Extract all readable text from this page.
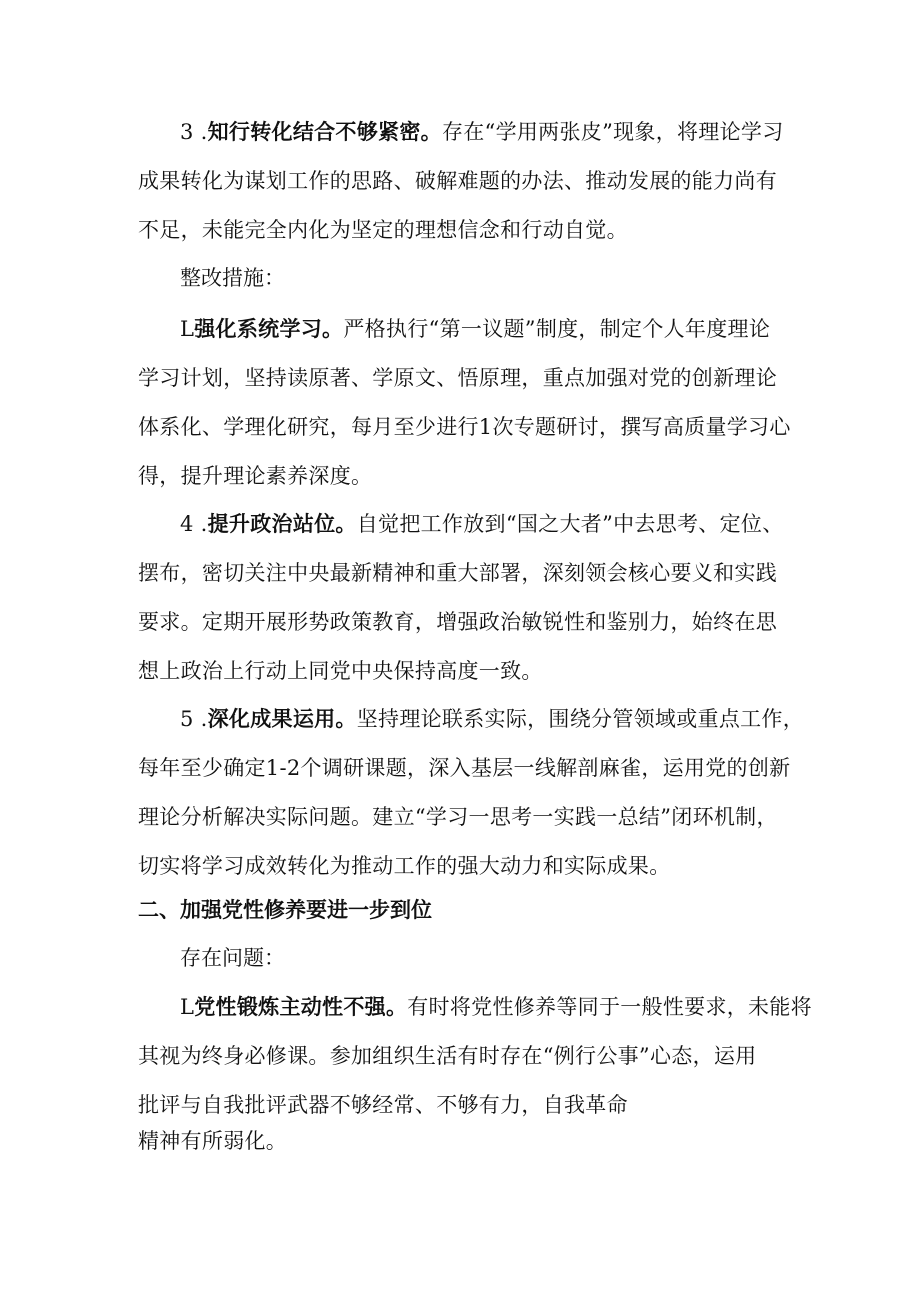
3 .知行转化结合不够紧密。存在“学用两张皮”现象，将理论学习
成果转化为谋划工作的思路、破解难题的办法、推动发展的能力尚有
不足，未能完全内化为坚定的理想信念和行动自觉。
整改措施：
L强化系统学习。严格执行“第一议题”制度，制定个人年度理论
学习计划，坚持读原著、学原文、悟原理，重点加强对党的创新理论
体系化、学理化研究，每月至少进行1次专题研讨，撰写高质量学习心
得，提升理论素养深度。
4 .提升政治站位。自觉把工作放到“国之大者”中去思考、定位、
摆布，密切关注中央最新精神和重大部署，深刻领会核心要义和实践
要求。定期开展形势政策教育，增强政治敏锐性和鉴别力，始终在思
想上政治上行动上同党中央保持高度一致。
5 .深化成果运用。坚持理论联系实际，围绕分管领域或重点工作，
每年至少确定1-2个调研课题，深入基层一线解剖麻雀，运用党的创新
理论分析解决实际问题。建立“学习一思考一实践一总结”闭环机制，
切实将学习成效转化为推动工作的强大动力和实际成果。
二、加强党性修养要进一步到位
存在问题：
L党性锻炼主动性不强。有时将党性修养等同于一般性要求，未能将
其视为终身必修课。参加组织生活有时存在“例行公事”心态，运用
批评与自我批评武器不够经常、不够有力，自我革命
精神有所弱化。
